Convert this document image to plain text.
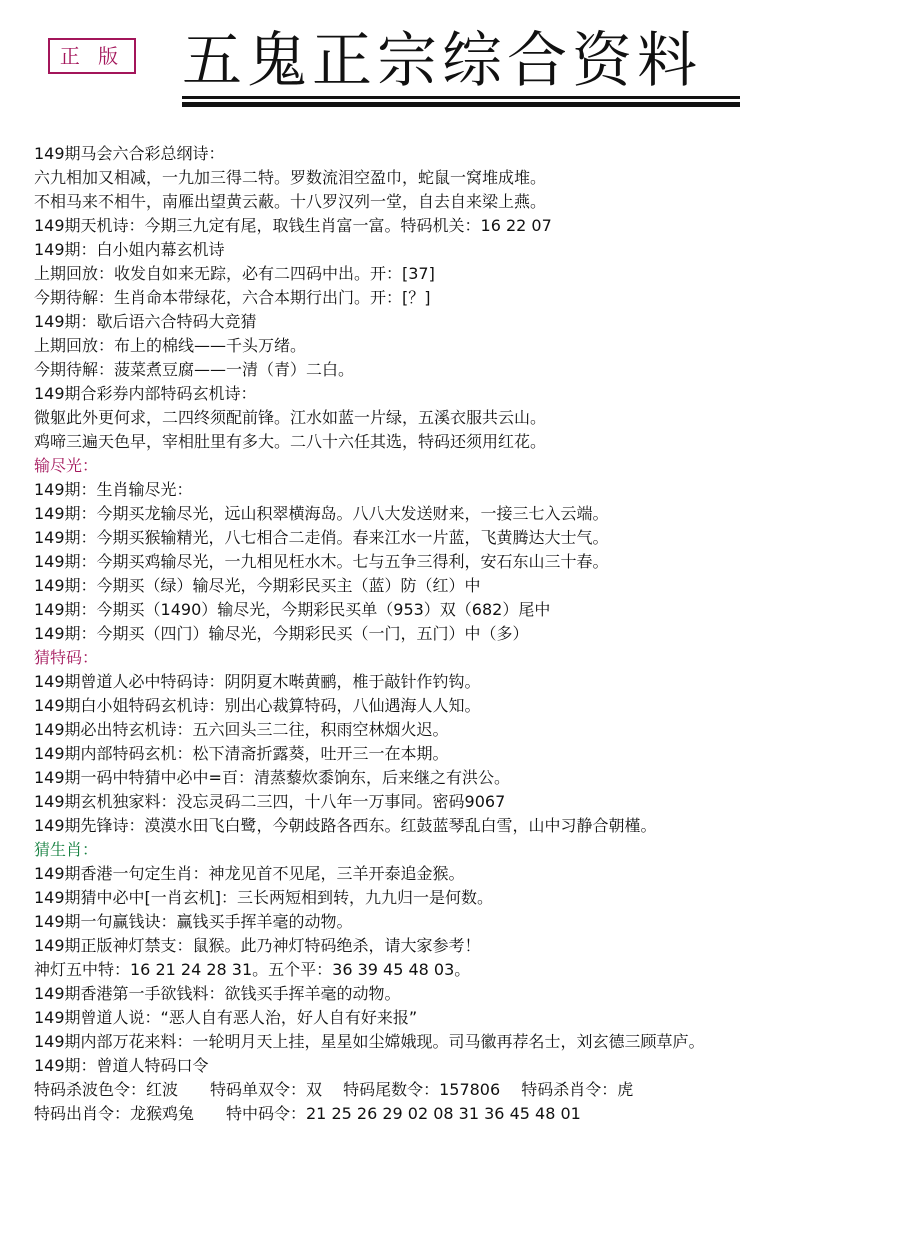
正 版 五鬼正宗综合资料
149期马会六合彩总纲诗：
六九相加又相减，一九加三得二特。罗数流泪空盈巾，蛇鼠一窝堆成堆。
不相马来不相牛，南雁出望黄云蔽。十八罗汉列一堂，自去自来梁上燕。
149期天机诗：今期三九定有尾，取钱生肖富一富。特码机关：16 22 07
149期：白小姐内幕玄机诗
上期回放：收发自如来无踪，必有二四码中出。开：[37]
今期待解：生肖命本带绿花，六合本期行出门。开：[？]
149期：歇后语六合特码大竞猜
上期回放：布上的棉线——千头万绪。
今期待解：菠菜煮豆腐——一清（青）二白。
149期合彩券内部特码玄机诗：
微躯此外更何求，二四终须配前锋。江水如蓝一片绿，五溪衣服共云山。
鸡啼三遍天色早，宰相肚里有多大。二八十六任其选，特码还须用红花。
输尽光：
149期：生肖输尽光：
149期：今期买龙输尽光，远山积翠横海岛。八八大发送财来，一接三七入云端。
149期：今期买猴输精光，八七相合二走俏。春来江水一片蓝，飞黄腾达大士气。
149期：今期买鸡输尽光，一九相见枉水木。七与五争三得利，安石东山三十春。
149期：今期买（绿）输尽光，今期彩民买主（蓝）防（红）中
149期：今期买（1490）输尽光，今期彩民买单（953）双（682）尾中
149期：今期买（四门）输尽光，今期彩民买（一门，五门）中（多）
猜特码：
149期曾道人必中特码诗：阴阴夏木啭黄鹂，椎于敲针作钓钩。
149期白小姐特码玄机诗：别出心裁算特码，八仙遇海人人知。
149期必出特玄机诗：五六回头三二往，积雨空林烟火迟。
149期内部特码玄机：松下清斋折露葵，吐开三一在本期。
149期一码中特猜中必中=百：清蒸藜炊黍饷东，后来继之有洪公。
149期玄机独家料：没忘灵码二三四，十八年一万事同。密码9067
149期先锋诗：漠漠水田飞白鹭，今朝歧路各西东。红鼓蓝琴乱白雪，山中习静合朝槿。
猜生肖：
149期香港一句定生肖：神龙见首不见尾，三羊开泰追金猴。
149期猜中必中[一肖玄机]：三长两短相到转，九九归一是何数。
149期一句赢钱诀：赢钱买手挥羊毫的动物。
149期正版神灯禁支：鼠猴。此乃神灯特码绝杀，请大家参考！
神灯五中特：16 21 24 28 31。五个平：36 39 45 48 03。
149期香港第一手欲钱料：欲钱买手挥羊毫的动物。
149期曾道人说：“恶人自有恶人治，好人自有好来报”
149期内部万花来料：一轮明月天上挂，星星如尘嫦娥现。司马徽再荐名士，刘玄德三顾草庐。
149期：曾道人特码口令
特码杀波色令：红波　　特码单双令：双　 特码尾数令：157806　 特码杀肖令：虎
特码出肖令：龙猴鸡兔　　特中码令：21 25 26 29 02 08 31 36 45 48 01
